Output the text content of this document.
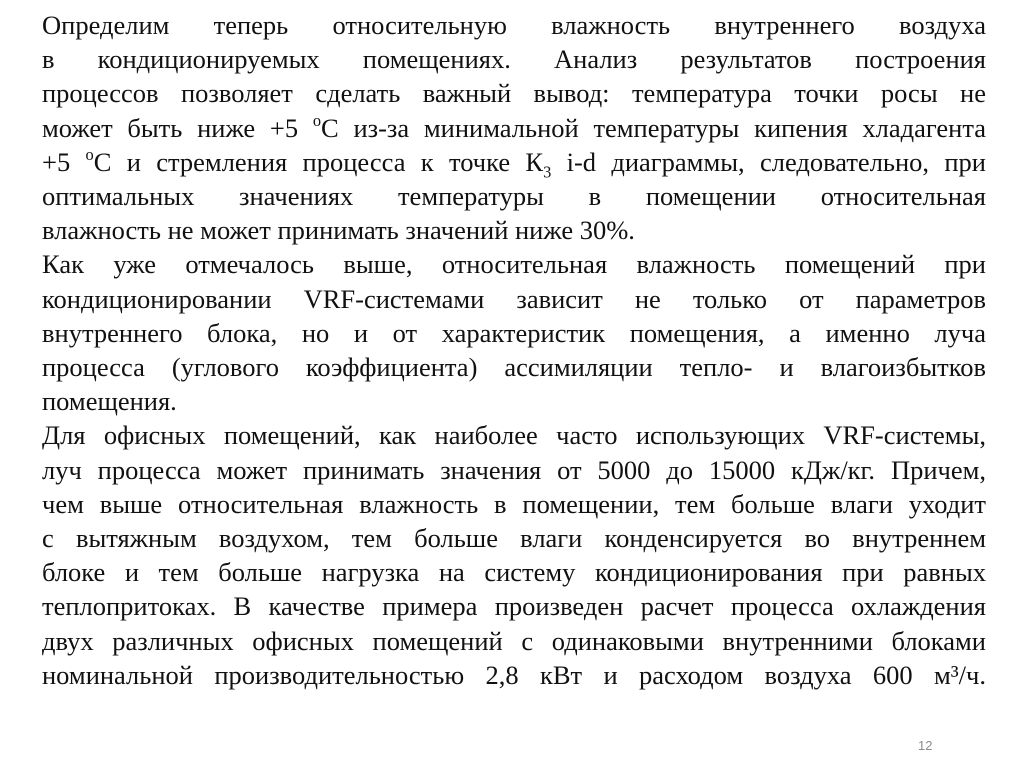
Определим теперь относительную влажность внутреннего воздуха
в кондиционируемых помещениях. Анализ результатов построения
процессов позволяет сделать важный вывод: температура точки росы не
может быть ниже +5 $^о$С из-за минимальной температуры кипения хладагента
+5 $^о$С и стремления процесса к точке $К_3$ i-d диаграммы, следовательно, при
оптимальных значениях температуры в помещении относительная
влажность не может принимать значений ниже 30%.
Как уже отмечалось выше, относительная влажность помещений при
кондиционировании VRF-системами зависит не только от параметров
внутреннего блока, но и от характеристик помещения, а именно луча
процесса (углового коэффициента) ассимиляции тепло- и влагоизбытков
помещения.
Для офисных помещений, как наиболее часто использующих VRF-системы,
луч процесса может принимать значения от 5000 до 15000 кДж/кг. Причем,
чем выше относительная влажность в помещении, тем больше влаги уходит
с вытяжным воздухом, тем больше влаги конденсируется во внутреннем
блоке и тем больше нагрузка на систему кондиционирования при равных
теплопритоках. В качестве примера произведен расчет процесса охлаждения
двух различных офисных помещений с одинаковыми внутренними блоками
номинальной производительностью 2,8 кВт и расходом воздуха 600 м³/ч.
12
